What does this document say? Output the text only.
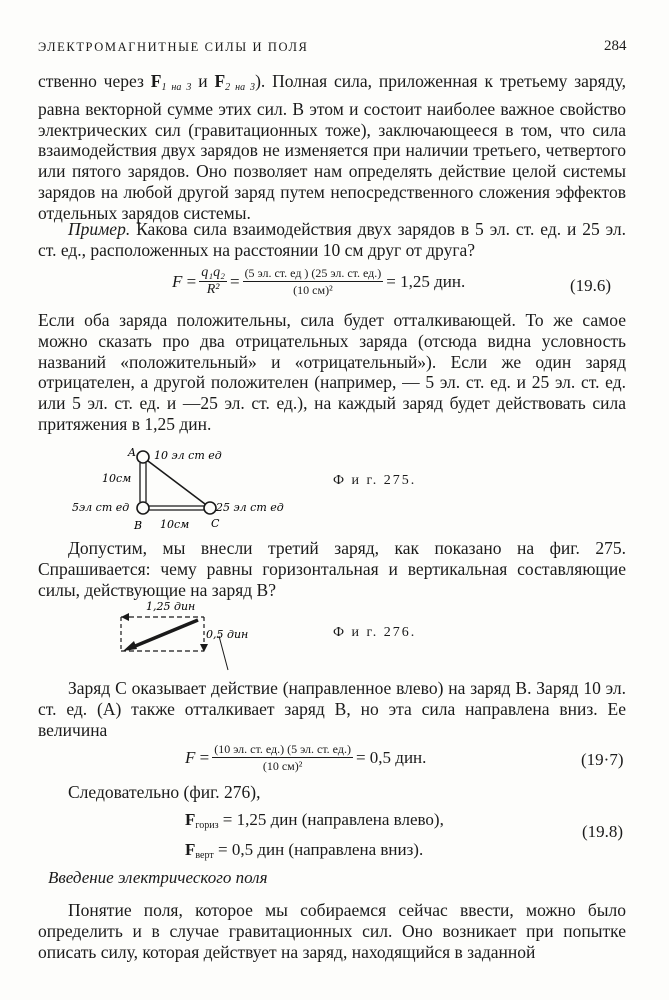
ЭЛЕКТРОМАГНИТНЫЕ СИЛЫ И ПОЛЯ	284
ственно через $F_{1 на 3}$ и $F_{2 на 3}$). Полная сила, приложенная к третьему заряду, равна векторной сумме этих сил. В этом и состоит наиболее важное свойство электрических сил (гравитационных тоже), заключающееся в том, что сила взаимодействия двух зарядов не изменяется при наличии третьего, четвертого или пятого зарядов. Оно позволяет нам определять действие целой системы зарядов на любой другой заряд путем непосредственного сложения эффектов отдельных зарядов системы.
Пример. Какова сила взаимодействия двух зарядов в 5 эл. ст. ед. и 25 эл. ст. ед., расположенных на расстоянии 10 см друг от друга?
$F = \frac{\text{q₁q₂}}{\text{R²}} = \frac{(5 эл. ст. ед ) (25 эл. ст. ед.)}{\text{(10 см)²}} = 1,25$ дин.	(19.6)
Если оба заряда положительны, сила будет отталкивающей. То же самое можно сказать про два отрицательных заряда (отсюда видна условность названий «положительный» и «отрицательный»). Если же один заряд отрицателен, а другой положителен (например, — 5 эл. ст. ед. и 25 эл. ст. ед. или 5 эл. ст. ед. и —25 эл. ст. ед.), на каждый заряд будет действовать сила притяжения в 1,25 дин.
A 10 эл ст ед
10см
5эл ст ед
B 10см
25 эл ст ед
C
Ф и г. 275.
Допустим, мы внесли третий заряд, как показано на фиг. 275. Спрашивается: чему равны горизонтальная и вертикальная составляющие силы, действующие на заряд B?
1,25 дин
0,5 дин	Ф и г. 276.
Заряд C оказывает действие (направленное влево) на заряд B. Заряд 10 эл. ст. ед. (A) также отталкивает заряд B, но эта сила направлена вниз. Ее величина
$F = \frac{(10 эл. ст. ед.) (5 эл. ст. ед.)}{\text{(10 см)²}} = 0,5$ дин.	(19·7)
Следовательно (фиг. 276),
$F_{гориз} = 1,25$ дин (направлена влево),
$F_{верт} = 0,5$ дин (направлена вниз).
(19.8)
Введение электрического поля
Понятие поля, которое мы собираемся сейчас ввести, можно было определить и в случае гравитационных сил. Оно возникает при попытке описать силу, которая действует на заряд, находящийся в заданной
